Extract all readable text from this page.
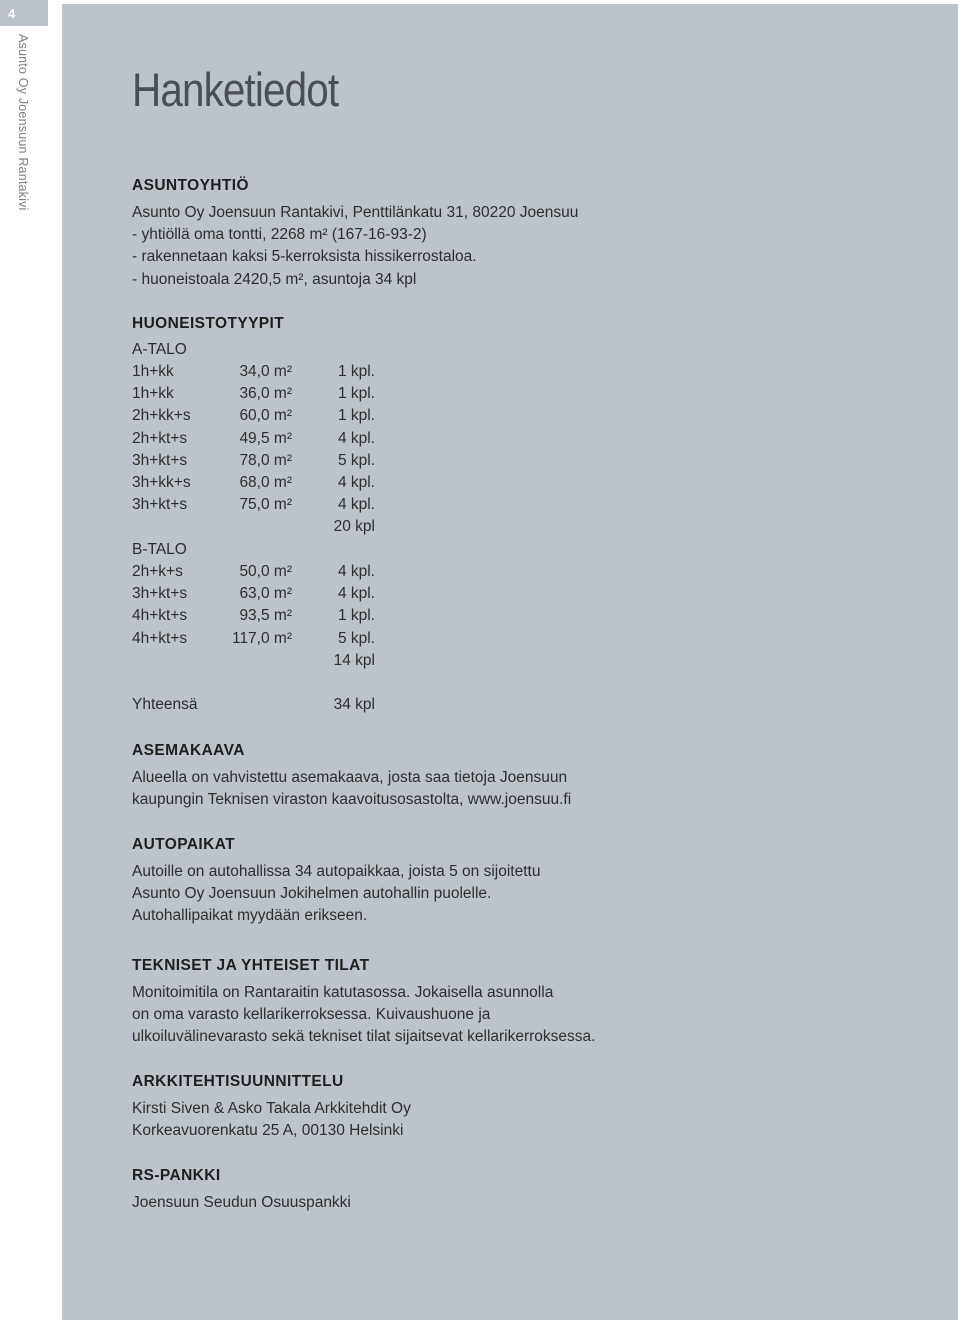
4
Asunto Oy Joensuun Rantakivi Hanketiedot
ASUNTOYHTIÖ
Asunto Oy Joensuun Rantakivi, Penttilänkatu 31, 80220 Joensuu
- yhtiöllä oma tontti, 2268 m² (167-16-93-2)
- rakennetaan kaksi 5-kerroksista hissikerrostaloa.
- huoneistoala 2420,5 m², asuntoja 34 kpl
HUONEISTOTYYPIT
A-TALO
1h+kk	34,0 m²	1 kpl.
1h+kk	36,0 m²	1 kpl.
2h+kk+s	60,0 m²	1 kpl.
2h+kt+s	49,5 m²	4 kpl.
3h+kt+s	78,0 m²	5 kpl.
3h+kk+s	68,0 m²	4 kpl.
3h+kt+s	75,0 m²	4 kpl.
20 kpl
B-TALO
2h+k+s	50,0 m²	4 kpl.
3h+kt+s	63,0 m²	4 kpl.
4h+kt+s	93,5 m²	1 kpl.
4h+kt+s	117,0 m²	5 kpl.
14 kpl
Yhteensä	34 kpl
ASEMAKAAVA
Alueella on vahvistettu asemakaava, josta saa tietoja Joensuun
kaupungin Teknisen viraston kaavoitusosastolta, www.joensuu.fi
AUTOPAIKAT
Autoille on autohallissa 34 autopaikkaa, joista 5 on sijoitettu
Asunto Oy Joensuun Jokihelmen autohallin puolelle.
Autohallipaikat myydään erikseen.
TEKNISET JA YHTEISET TILAT
Monitoimitila on Rantaraitin katutasossa. Jokaisella asunnolla
on oma varasto kellarikerroksessa. Kuivaushuone ja
ulkoiluvälinevarasto sekä tekniset tilat sijaitsevat kellarikerroksessa.
ARKKITEHTISUUNNITTELU
Kirsti Siven & Asko Takala Arkkitehdit Oy
Korkeavuorenkatu 25 A, 00130 Helsinki
RS-PANKKI
Joensuun Seudun Osuuspankki
